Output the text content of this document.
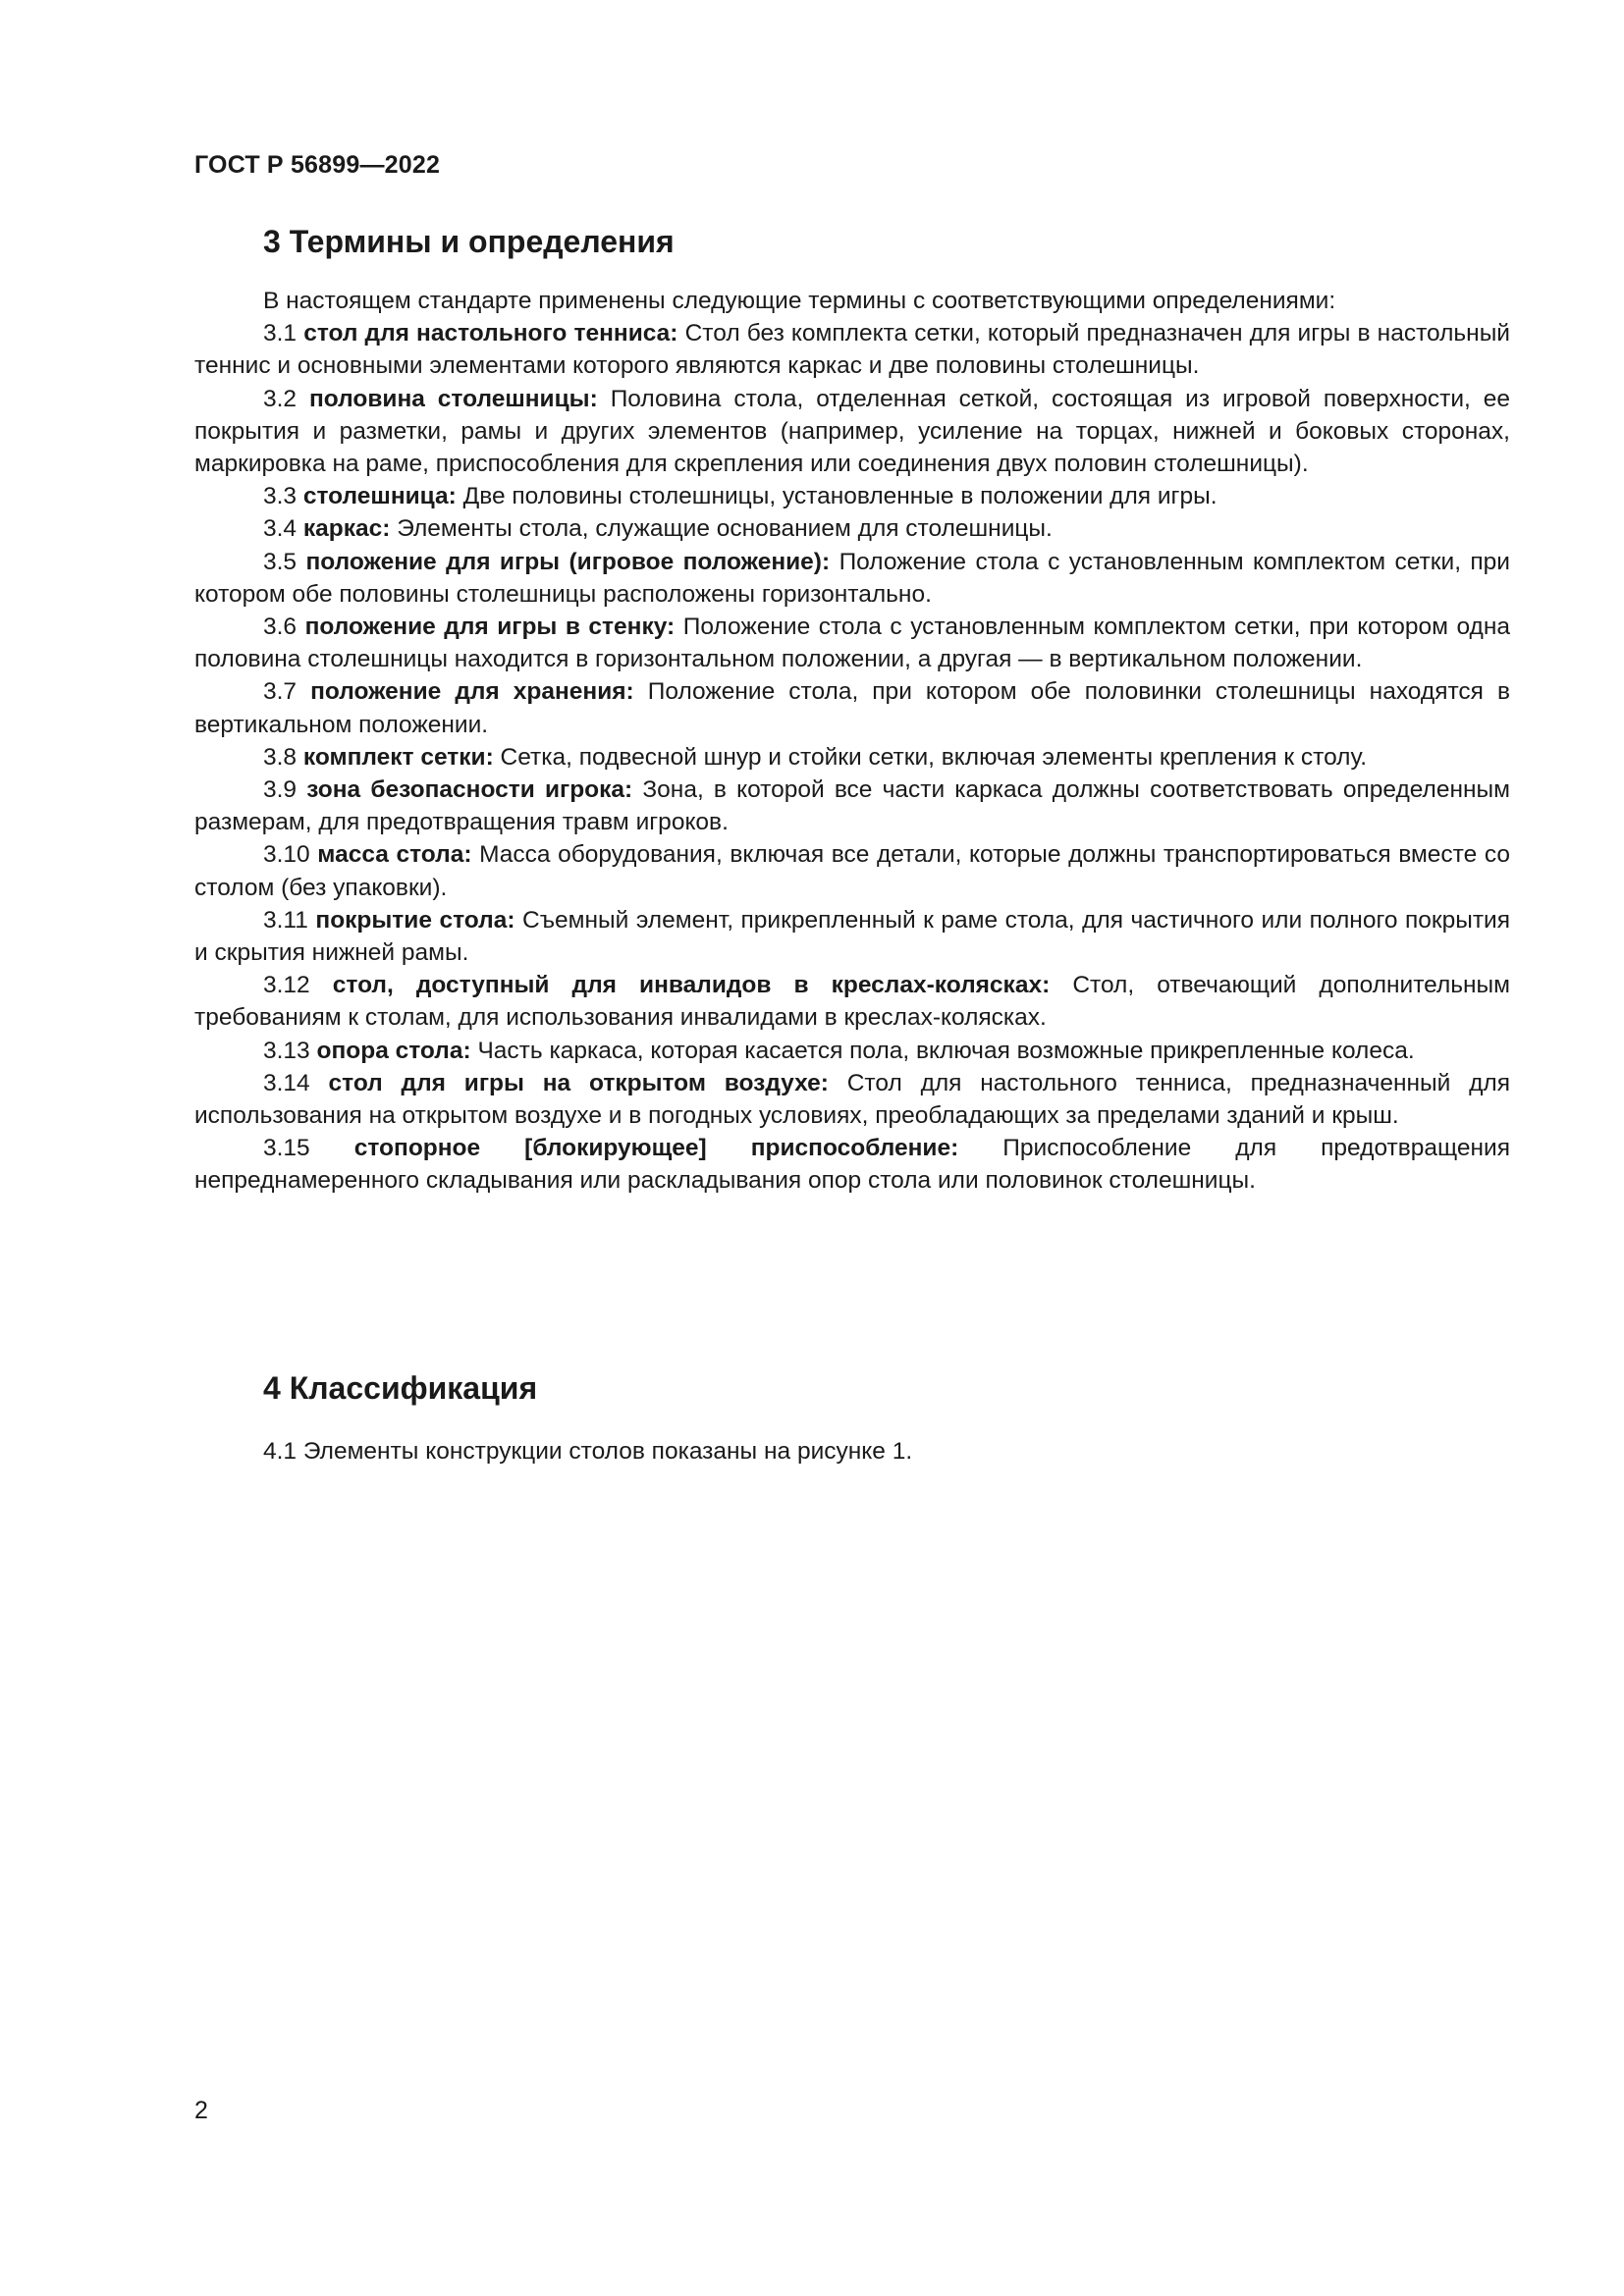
ГОСТ Р 56899—2022
3 Термины и определения

В настоящем стандарте применены следующие термины с соответствующими определениями:

3.1 стол для настольного тенниса: Стол без комплекта сетки, который предназначен для игры в настольный теннис и основными элементами которого являются каркас и две половины столешницы.

3.2 половина столешницы: Половина стола, отделенная сеткой, состоящая из игровой поверхности, ее покрытия и разметки, рамы и других элементов (например, усиление на торцах, нижней и боковых сторонах, маркировка на раме, приспособления для скрепления или соединения двух половин столешницы).

3.3 столешница: Две половины столешницы, установленные в положении для игры.

3.4 каркас: Элементы стола, служащие основанием для столешницы.

3.5 положение для игры (игровое положение): Положение стола с установленным комплектом сетки, при котором обе половины столешницы расположены горизонтально.

3.6 положение для игры в стенку: Положение стола с установленным комплектом сетки, при котором одна половина столешницы находится в горизонтальном положении, а другая — в вертикальном положении.

3.7 положение для хранения: Положение стола, при котором обе половинки столешницы находятся в вертикальном положении.

3.8 комплект сетки: Сетка, подвесной шнур и стойки сетки, включая элементы крепления к столу.

3.9 зона безопасности игрока: Зона, в которой все части каркаса должны соответствовать определенным размерам, для предотвращения травм игроков.

3.10 масса стола: Масса оборудования, включая все детали, которые должны транспортироваться вместе со столом (без упаковки).

3.11 покрытие стола: Съемный элемент, прикрепленный к раме стола, для частичного или полного покрытия и скрытия нижней рамы.

3.12 стол, доступный для инвалидов в креслах-колясках: Стол, отвечающий дополнительным требованиям к столам, для использования инвалидами в креслах-колясках.

3.13 опора стола: Часть каркаса, которая касается пола, включая возможные прикрепленные колеса.

3.14 стол для игры на открытом воздухе: Стол для настольного тенниса, предназначенный для использования на открытом воздухе и в погодных условиях, преобладающих за пределами зданий и крыш.

3.15 стопорное [блокирующее] приспособление: Приспособление для предотвращения непреднамеренного складывания или раскладывания опор стола или половинок столешницы.

4 Классификация

4.1 Элементы конструкции столов показаны на рисунке 1.

2
